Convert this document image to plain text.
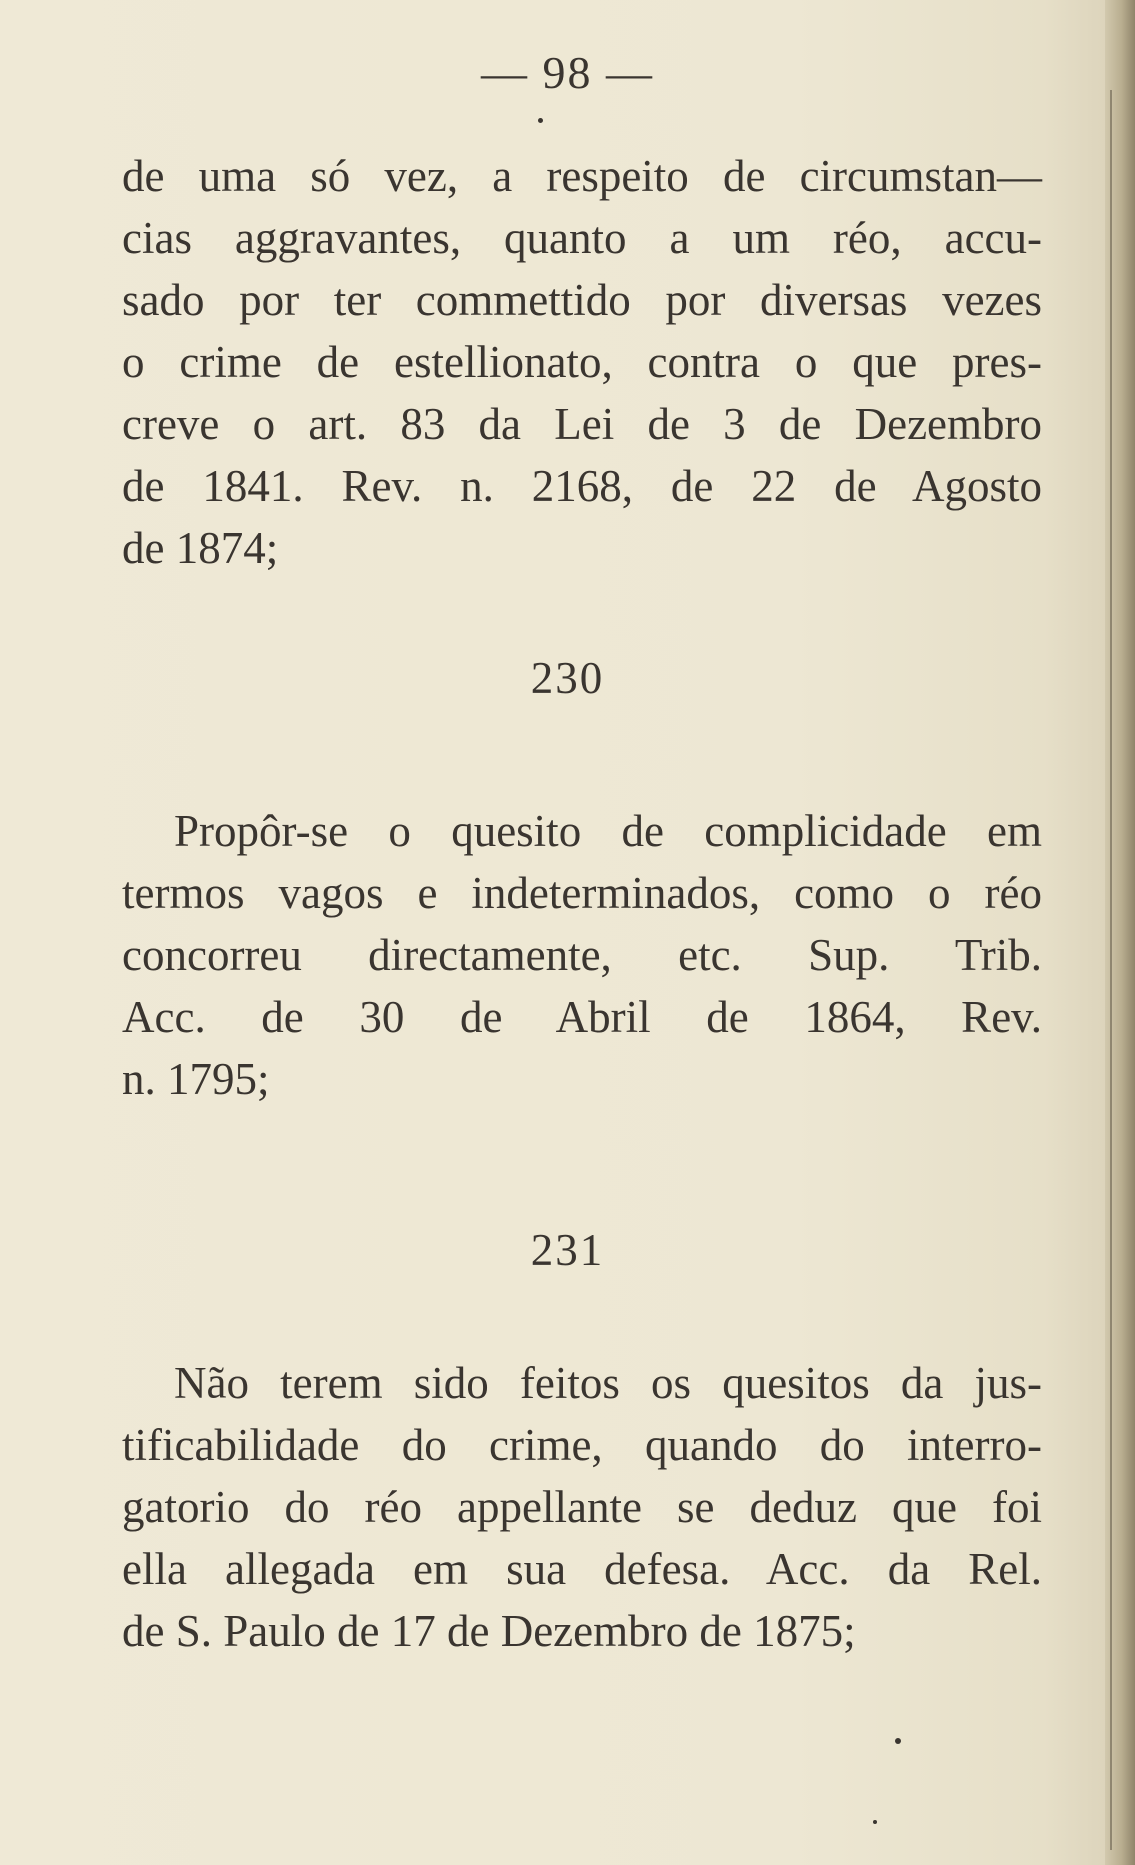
— 98 —
de uma só vez, a respeito de circumstan—
cias aggravantes, quanto a um réo, accu-
sado por ter commettido por diversas vezes
o crime de estellionato, contra o que pres-
creve o art. 83 da Lei de 3 de Dezembro
de 1841. Rev. n. 2168, de 22 de Agosto
de 1874;
230
Propôr-se o quesito de complicidade em
termos vagos e indeterminados, como o réo
concorreu directamente, etc. Sup. Trib.
Acc. de 30 de Abril de 1864, Rev.
n. 1795;
231
Não terem sido feitos os quesitos da jus-
tificabilidade do crime, quando do interro-
gatorio do réo appellante se deduz que foi
ella allegada em sua defesa. Acc. da Rel.
de S. Paulo de 17 de Dezembro de 1875;
